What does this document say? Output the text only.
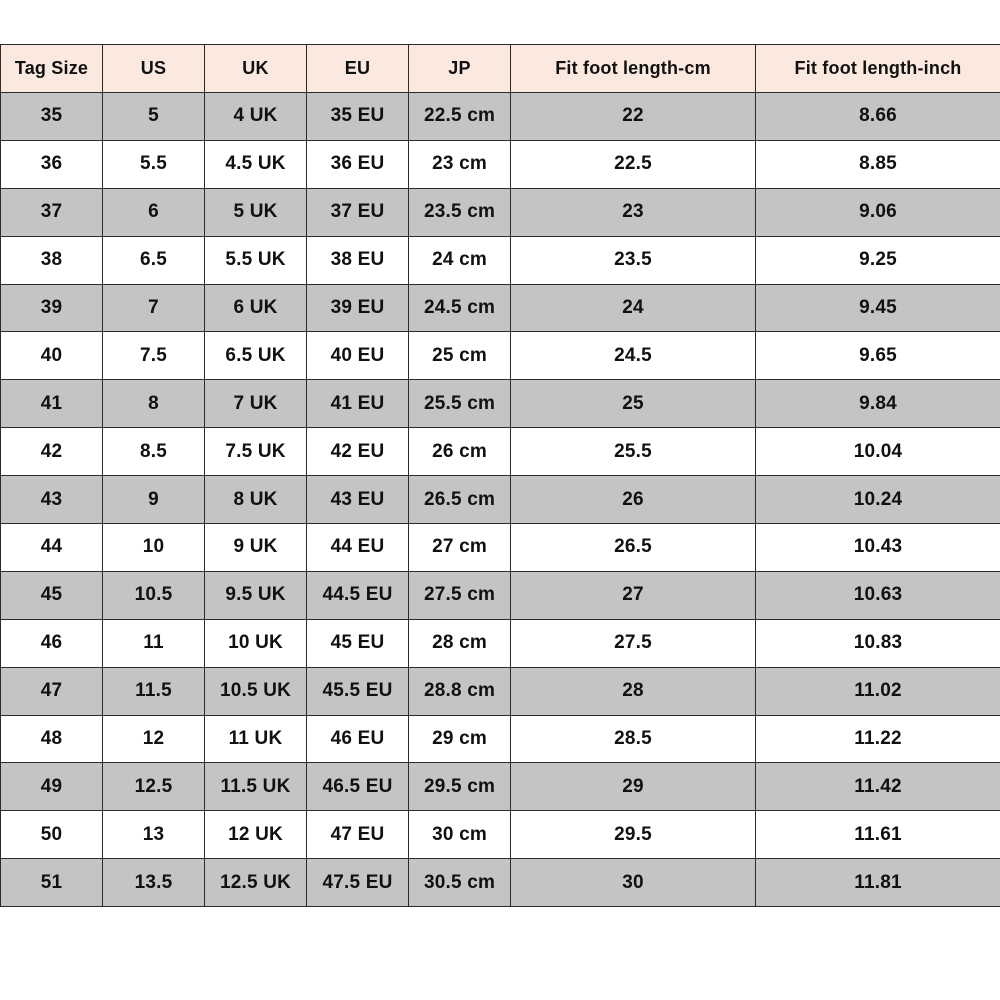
Tag Size	US	UK	EU	JP	Fit foot length-cm	Fit foot length-inch
35	5	4 UK	35 EU	22.5 cm	22	8.66
36	5.5	4.5 UK	36 EU	23 cm	22.5	8.85
37	6	5 UK	37 EU	23.5 cm	23	9.06
38	6.5	5.5 UK	38 EU	24 cm	23.5	9.25
39	7	6 UK	39 EU	24.5 cm	24	9.45
40	7.5	6.5 UK	40 EU	25 cm	24.5	9.65
41	8	7 UK	41 EU	25.5 cm	25	9.84
42	8.5	7.5 UK	42 EU	26 cm	25.5	10.04
43	9	8 UK	43 EU	26.5 cm	26	10.24
44	10	9 UK	44 EU	27 cm	26.5	10.43
45	10.5	9.5 UK	44.5 EU	27.5 cm	27	10.63
46	11	10 UK	45 EU	28 cm	27.5	10.83
47	11.5	10.5 UK	45.5 EU	28.8 cm	28	11.02
48	12	11 UK	46 EU	29 cm	28.5	11.22
49	12.5	11.5 UK	46.5 EU	29.5 cm	29	11.42
50	13	12 UK	47 EU	30 cm	29.5	11.61
51	13.5	12.5 UK	47.5 EU	30.5 cm	30	11.81
